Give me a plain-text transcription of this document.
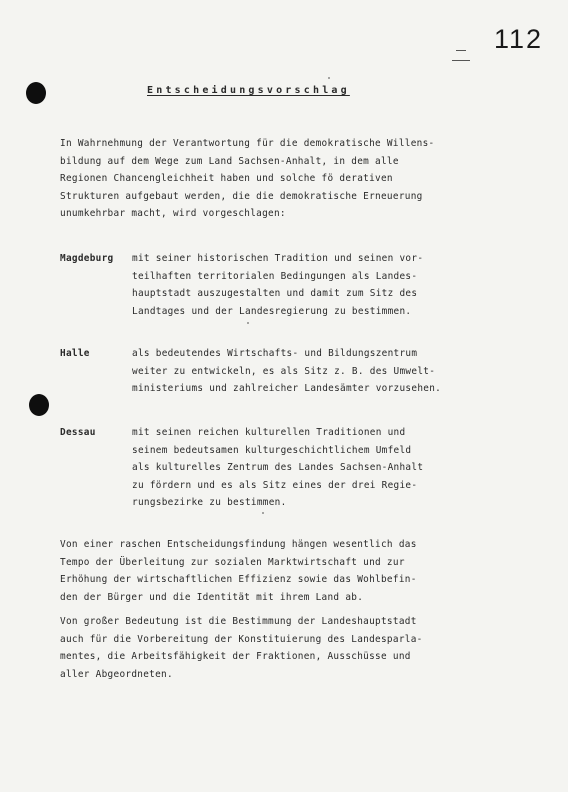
112
Entscheidungsvorschlag
In Wahrnehmung der Verantwortung für die demokratische Willens-
bildung auf dem Wege zum Land Sachsen-Anhalt, in dem alle
Regionen Chancengleichheit haben und solche fö derativen
Strukturen aufgebaut werden, die die demokratische Erneuerung
unumkehrbar macht, wird vorgeschlagen:
Magdeburg mit seiner historischen Tradition und seinen vor-
teilhaften territorialen Bedingungen als Landes-
hauptstadt auszugestalten und damit zum Sitz des
Landtages und der Landesregierung zu bestimmen.
Halle	als bedeutendes Wirtschafts- und Bildungszentrum
weiter zu entwickeln, es als Sitz z. B. des Umwelt-
ministeriums und zahlreicher Landesämter vorzusehen.
Dessau	mit seinen reichen kulturellen Traditionen und
seinem bedeutsamen kulturgeschichtlichem Umfeld
als kulturelles Zentrum des Landes Sachsen-Anhalt
zu fördern und es als Sitz eines der drei Regie-
rungsbezirke zu bestimmen.
Von einer raschen Entscheidungsfindung hängen wesentlich das
Tempo der Überleitung zur sozialen Marktwirtschaft und zur
Erhöhung der wirtschaftlichen Effizienz sowie das Wohlbefin-
den der Bürger und die Identität mit ihrem Land ab.
Von großer Bedeutung ist die Bestimmung der Landeshauptstadt
auch für die Vorbereitung der Konstituierung des Landesparla-
mentes, die Arbeitsfähigkeit der Fraktionen, Ausschüsse und
aller Abgeordneten.
